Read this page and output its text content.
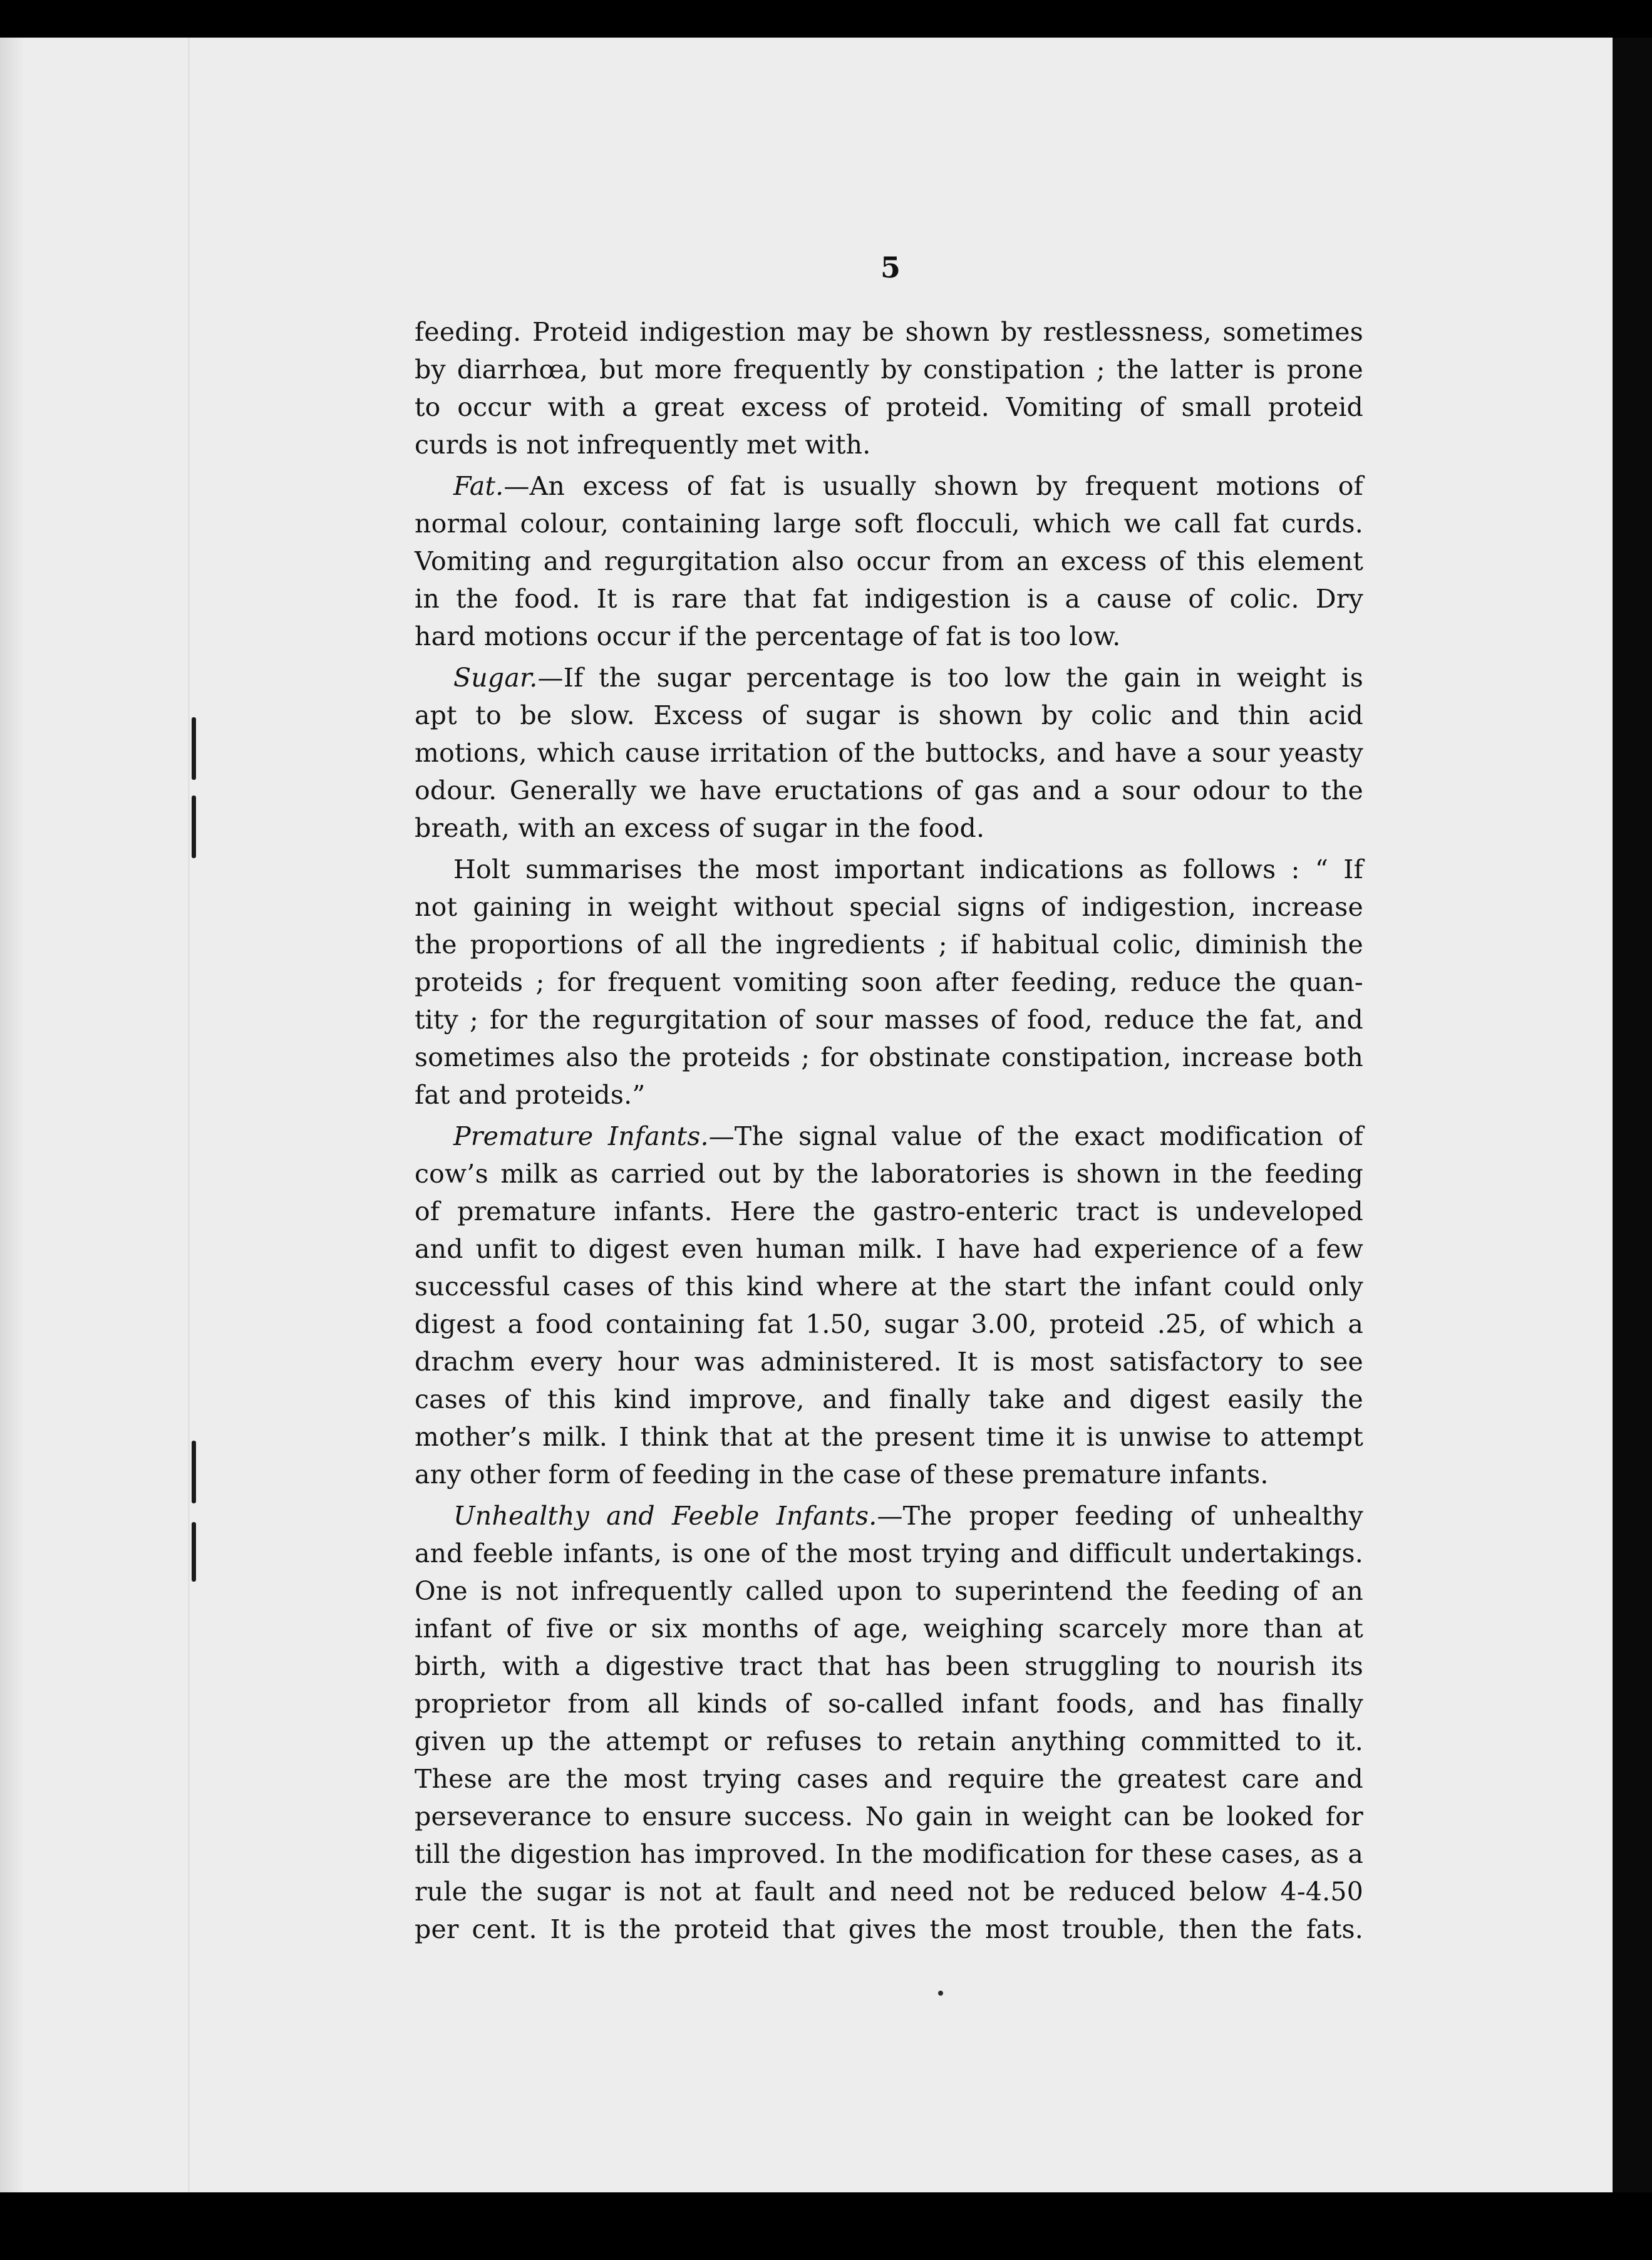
5

feeding. Proteid indigestion may be shown by restlessness, sometimes
by diarrhœa, but more frequently by constipation ; the latter is prone
to occur with a great excess of proteid. Vomiting of small proteid
curds is not infrequently met with.

Fat.—An excess of fat is usually shown by frequent motions of
normal colour, containing large soft flocculi, which we call fat curds.
Vomiting and regurgitation also occur from an excess of this element
in the food. It is rare that fat indigestion is a cause of colic. Dry
hard motions occur if the percentage of fat is too low.

Sugar.—If the sugar percentage is too low the gain in weight is
apt to be slow. Excess of sugar is shown by colic and thin acid
motions, which cause irritation of the buttocks, and have a sour yeasty
odour. Generally we have eructations of gas and a sour odour to the
breath, with an excess of sugar in the food.

Holt summarises the most important indications as follows : “ If
not gaining in weight without special signs of indigestion, increase
the proportions of all the ingredients ; if habitual colic, diminish the
proteids ; for frequent vomiting soon after feeding, reduce the quan-
tity ; for the regurgitation of sour masses of food, reduce the fat, and
sometimes also the proteids ; for obstinate constipation, increase both
fat and proteids.”

Premature Infants.—The signal value of the exact modification of
cow’s milk as carried out by the laboratories is shown in the feeding
of premature infants. Here the gastro-enteric tract is undeveloped
and unfit to digest even human milk. I have had experience of a few
successful cases of this kind where at the start the infant could only
digest a food containing fat 1.50, sugar 3.00, proteid .25, of which a
drachm every hour was administered. It is most satisfactory to see
cases of this kind improve, and finally take and digest easily the
mother’s milk. I think that at the present time it is unwise to attempt
any other form of feeding in the case of these premature infants.

Unhealthy and Feeble Infants.—The proper feeding of unhealthy
and feeble infants, is one of the most trying and difficult undertakings.
One is not infrequently called upon to superintend the feeding of an
infant of five or six months of age, weighing scarcely more than at
birth, with a digestive tract that has been struggling to nourish its
proprietor from all kinds of so-called infant foods, and has finally
given up the attempt or refuses to retain anything committed to it.
These are the most trying cases and require the greatest care and
perseverance to ensure success. No gain in weight can be looked for
till the digestion has improved. In the modification for these cases, as a
rule the sugar is not at fault and need not be reduced below 4-4.50
per cent. It is the proteid that gives the most trouble, then the fats.
